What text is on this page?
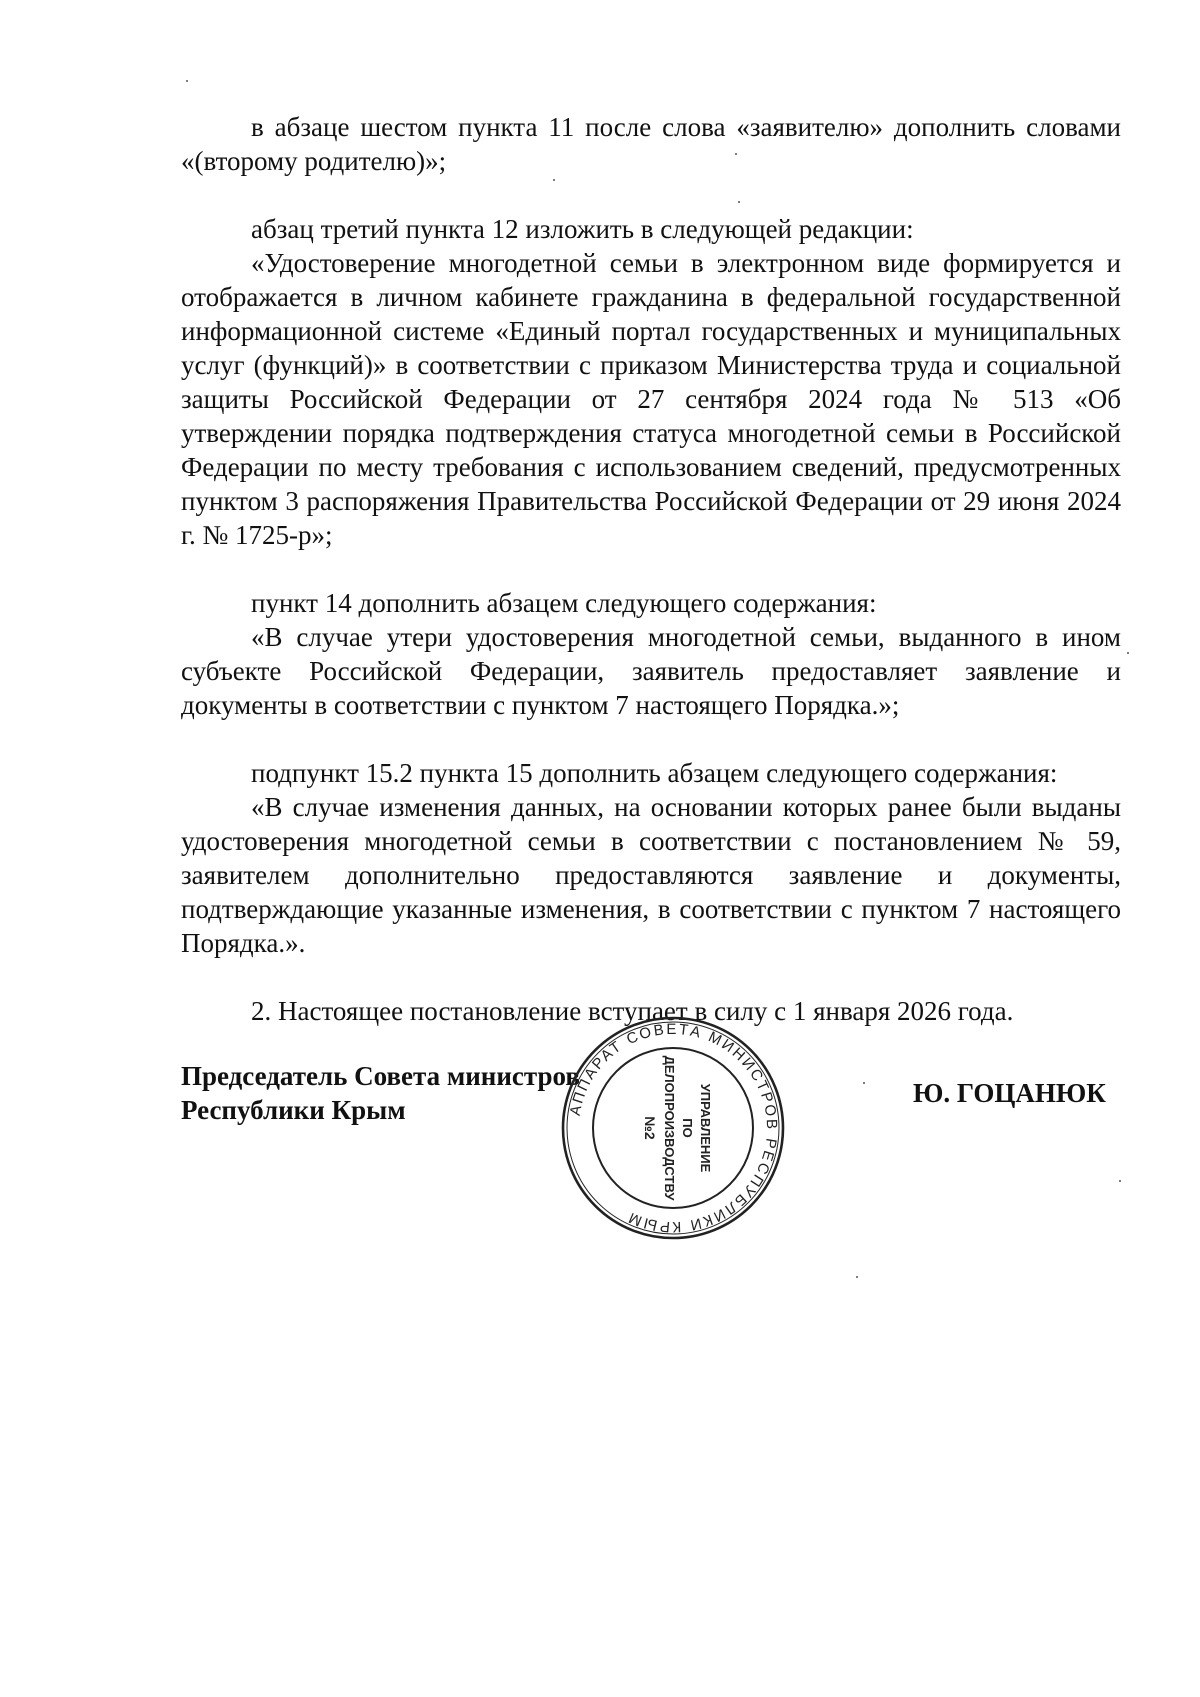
в абзаце шестом пункта 11 после слова «заявителю» дополнить словами «(второму родителю)»;

абзац третий пункта 12 изложить в следующей редакции:

«Удостоверение многодетной семьи в электронном виде формируется и отображается в личном кабинете гражданина в федеральной государственной информационной системе «Единый портал государственных и муниципальных услуг (функций)» в соответствии с приказом Министерства труда и социальной защиты Российской Федерации от 27 сентября 2024 года № 513 «Об утверждении порядка подтверждения статуса многодетной семьи в Российской Федерации по месту требования с использованием сведений, предусмотренных пунктом 3 распоряжения Правительства Российской Федерации от 29 июня 2024 г. № 1725-р»;

пункт 14 дополнить абзацем следующего содержания:

«В случае утери удостоверения многодетной семьи, выданного в ином субъекте Российской Федерации, заявитель предоставляет заявление и документы в соответствии с пунктом 7 настоящего Порядка.»;

подпункт 15.2 пункта 15 дополнить абзацем следующего содержания:

«В случае изменения данных, на основании которых ранее были выданы удостоверения многодетной семьи в соответствии с постановлением № 59, заявителем дополнительно предоставляются заявление и документы, подтверждающие указанные изменения, в соответствии с пунктом 7 настоящего Порядка.».

2. Настоящее постановление вступает в силу с 1 января 2026 года.

Председатель Совета министров
Республики Крым
Ю. ГОЦАНЮК
АППАРАТ СОВЕТА МИНИСТРОВ РЕСПУБЛИКИ КРЫМ
УПРАВЛЕНИЕ
ПО
ДЕЛОПРОИЗВОДСТВУ
№2
